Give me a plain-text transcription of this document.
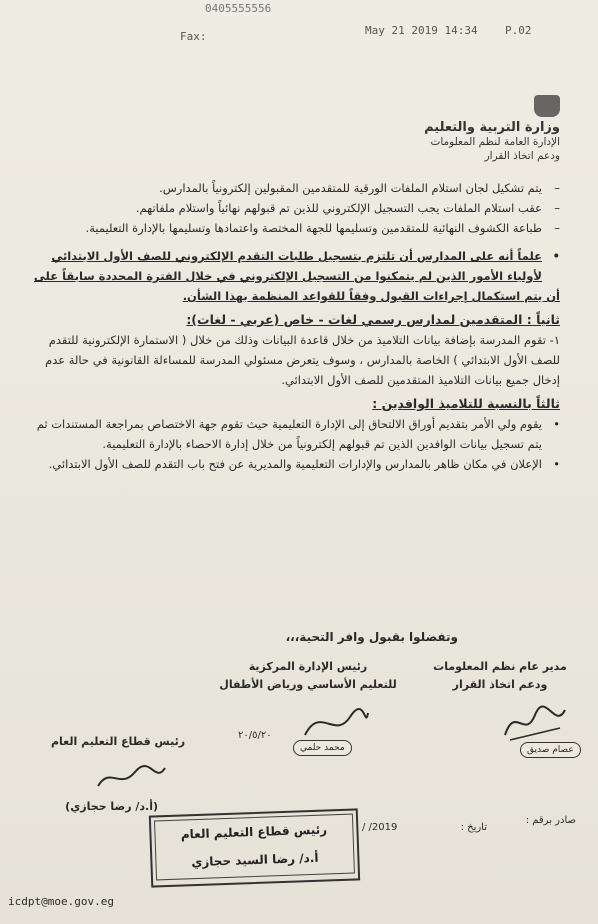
0405555556
Fax:	May 21 2019 14:34 P.02
وزارة التربية والتعليم
الإدارة العامة لنظم المعلومات
ودعم اتخاذ القرار

– يتم تشكيل لجان استلام الملفات الورقية للمتقدمين المقبولين إلكترونياً بالمدارس.

– عقب استلام الملفات يجب التسجيل الإلكتروني للذين تم قبولهم نهائياً واستلام ملفاتهم.

– طباعة الكشوف النهائية للمتقدمين وتسليمها للجهة المختصة واعتمادها وتسليمها بالإدارة التعليمية.

• علماً أنه على المدارس أن تلتزم بتسجيل طلبات التقدم الإلكتروني للصف الأول الابتدائي لأولياء الأمور الذين لم يتمكنوا من التسجيل الإلكتروني في خلال الفترة المحددة سابقاً على

أن يتم استكمال إجراءات القبول وفقاً للقواعد المنظمة بهذا الشأن.

ثانياً : المتقدمين لمدارس رسمي لغات - خاص (عربي - لغات):

١- تقوم المدرسة بإضافة بيانات التلاميذ من خلال قاعدة البيانات وذلك من خلال ( الاستمارة الإلكترونية للتقدم للصف الأول الابتدائي ) الخاصة بالمدارس ، وسوف يتعرض مسئولي المدرسة للمساءلة القانونية في حالة عدم إدخال جميع بيانات التلاميذ المتقدمين للصف الأول الابتدائي.

ثالثاً بالنسبة للتلاميذ الوافدين :

• يقوم ولي الأمر بتقديم أوراق الالتحاق إلى الإدارة التعليمية حيث تقوم جهة الاختصاص بمراجعة المستندات ثم يتم تسجيل بيانات الوافدين الذين تم قبولهم إلكترونياً من خلال إدارة الاحصاء بالإدارة التعليمية.

• الإعلان في مكان ظاهر بالمدارس والإدارات التعليمية والمديرية عن فتح باب التقدم للصف الأول الابتدائي.

وتفضلوا بقبول وافر التحية،،،
مدير عام نظم المعلومات
ودعم اتخاذ القرار
رئيس الإدارة المركزية
للتعليم الأساسي ورياض الأطفال
رئيس قطاع التعليم العام
(أ.د/ رضا حجازي)
عصام صديق
محمد حلمي
٢٠/٥/٢٠
صادر برقم :
تاريخ : 2019/ /
رئيس قطاع التعليم العام
أ.د/ رضا السيد حجازي
icdpt@moe.gov.eg
